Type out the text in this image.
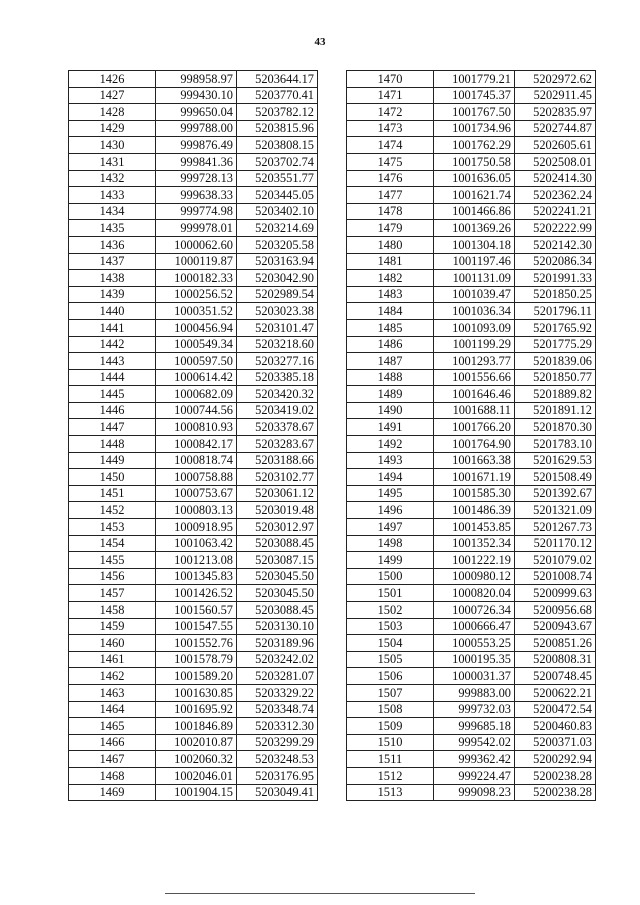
43
1426	998958.97	5203644.17
1427	999430.10	5203770.41
1428	999650.04	5203782.12
1429	999788.00	5203815.96
1430	999876.49	5203808.15
1431	999841.36	5203702.74
1432	999728.13	5203551.77
1433	999638.33	5203445.05
1434	999774.98	5203402.10
1435	999978.01	5203214.69
1436	1000062.60	5203205.58
1437	1000119.87	5203163.94
1438	1000182.33	5203042.90
1439	1000256.52	5202989.54
1440	1000351.52	5203023.38
1441	1000456.94	5203101.47
1442	1000549.34	5203218.60
1443	1000597.50	5203277.16
1444	1000614.42	5203385.18
1445	1000682.09	5203420.32
1446	1000744.56	5203419.02
1447	1000810.93	5203378.67
1448	1000842.17	5203283.67
1449	1000818.74	5203188.66
1450	1000758.88	5203102.77
1451	1000753.67	5203061.12
1452	1000803.13	5203019.48
1453	1000918.95	5203012.97
1454	1001063.42	5203088.45
1455	1001213.08	5203087.15
1456	1001345.83	5203045.50
1457	1001426.52	5203045.50
1458	1001560.57	5203088.45
1459	1001547.55	5203130.10
1460	1001552.76	5203189.96
1461	1001578.79	5203242.02
1462	1001589.20	5203281.07
1463	1001630.85	5203329.22
1464	1001695.92	5203348.74
1465	1001846.89	5203312.30
1466	1002010.87	5203299.29
1467	1002060.32	5203248.53
1468	1002046.01	5203176.95
1469	1001904.15	5203049.41
1470	1001779.21	5202972.62
1471	1001745.37	5202911.45
1472	1001767.50	5202835.97
1473	1001734.96	5202744.87
1474	1001762.29	5202605.61
1475	1001750.58	5202508.01
1476	1001636.05	5202414.30
1477	1001621.74	5202362.24
1478	1001466.86	5202241.21
1479	1001369.26	5202222.99
1480	1001304.18	5202142.30
1481	1001197.46	5202086.34
1482	1001131.09	5201991.33
1483	1001039.47	5201850.25
1484	1001036.34	5201796.11
1485	1001093.09	5201765.92
1486	1001199.29	5201775.29
1487	1001293.77	5201839.06
1488	1001556.66	5201850.77
1489	1001646.46	5201889.82
1490	1001688.11	5201891.12
1491	1001766.20	5201870.30
1492	1001764.90	5201783.10
1493	1001663.38	5201629.53
1494	1001671.19	5201508.49
1495	1001585.30	5201392.67
1496	1001486.39	5201321.09
1497	1001453.85	5201267.73
1498	1001352.34	5201170.12
1499	1001222.19	5201079.02
1500	1000980.12	5201008.74
1501	1000820.04	5200999.63
1502	1000726.34	5200956.68
1503	1000666.47	5200943.67
1504	1000553.25	5200851.26
1505	1000195.35	5200808.31
1506	1000031.37	5200748.45
1507	999883.00	5200622.21
1508	999732.03	5200472.54
1509	999685.18	5200460.83
1510	999542.02	5200371.03
1511	999362.42	5200292.94
1512	999224.47	5200238.28
1513	999098.23	5200238.28
